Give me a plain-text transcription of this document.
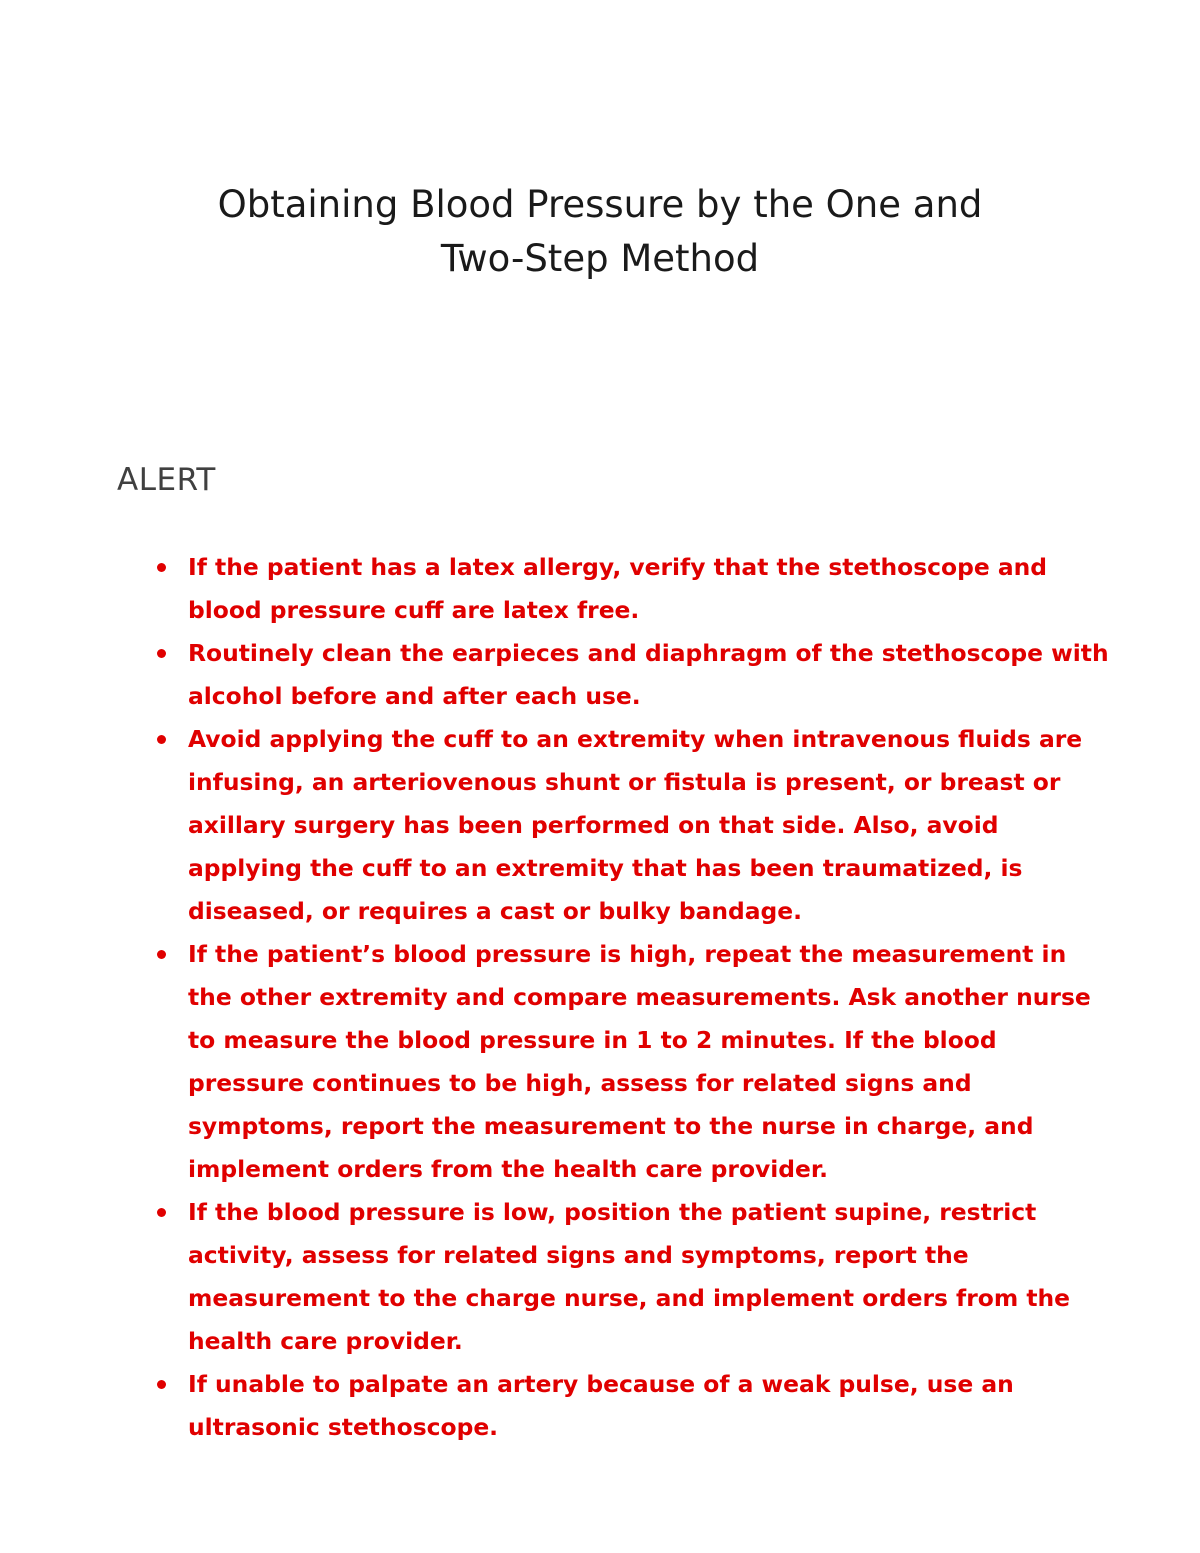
Obtaining Blood Pressure by the One and
Two-Step Method
ALERT
If the patient has a latex allergy, verify that the stethoscope and blood pressure cuff are latex free.
Routinely clean the earpieces and diaphragm of the stethoscope with alcohol before and after each use.
Avoid applying the cuff to an extremity when intravenous fluids are infusing, an arteriovenous shunt or fistula is present, or breast or axillary surgery has been performed on that side. Also, avoid applying the cuff to an extremity that has been traumatized, is diseased, or requires a cast or bulky bandage.
If the patient’s blood pressure is high, repeat the measurement in the other extremity and compare measurements. Ask another nurse to measure the blood pressure in 1 to 2 minutes. If the blood pressure continues to be high, assess for related signs and symptoms, report the measurement to the nurse in charge, and implement orders from the health care provider.
If the blood pressure is low, position the patient supine, restrict activity, assess for related signs and symptoms, report the measurement to the charge nurse, and implement orders from the health care provider.
If unable to palpate an artery because of a weak pulse, use an ultrasonic stethoscope.
